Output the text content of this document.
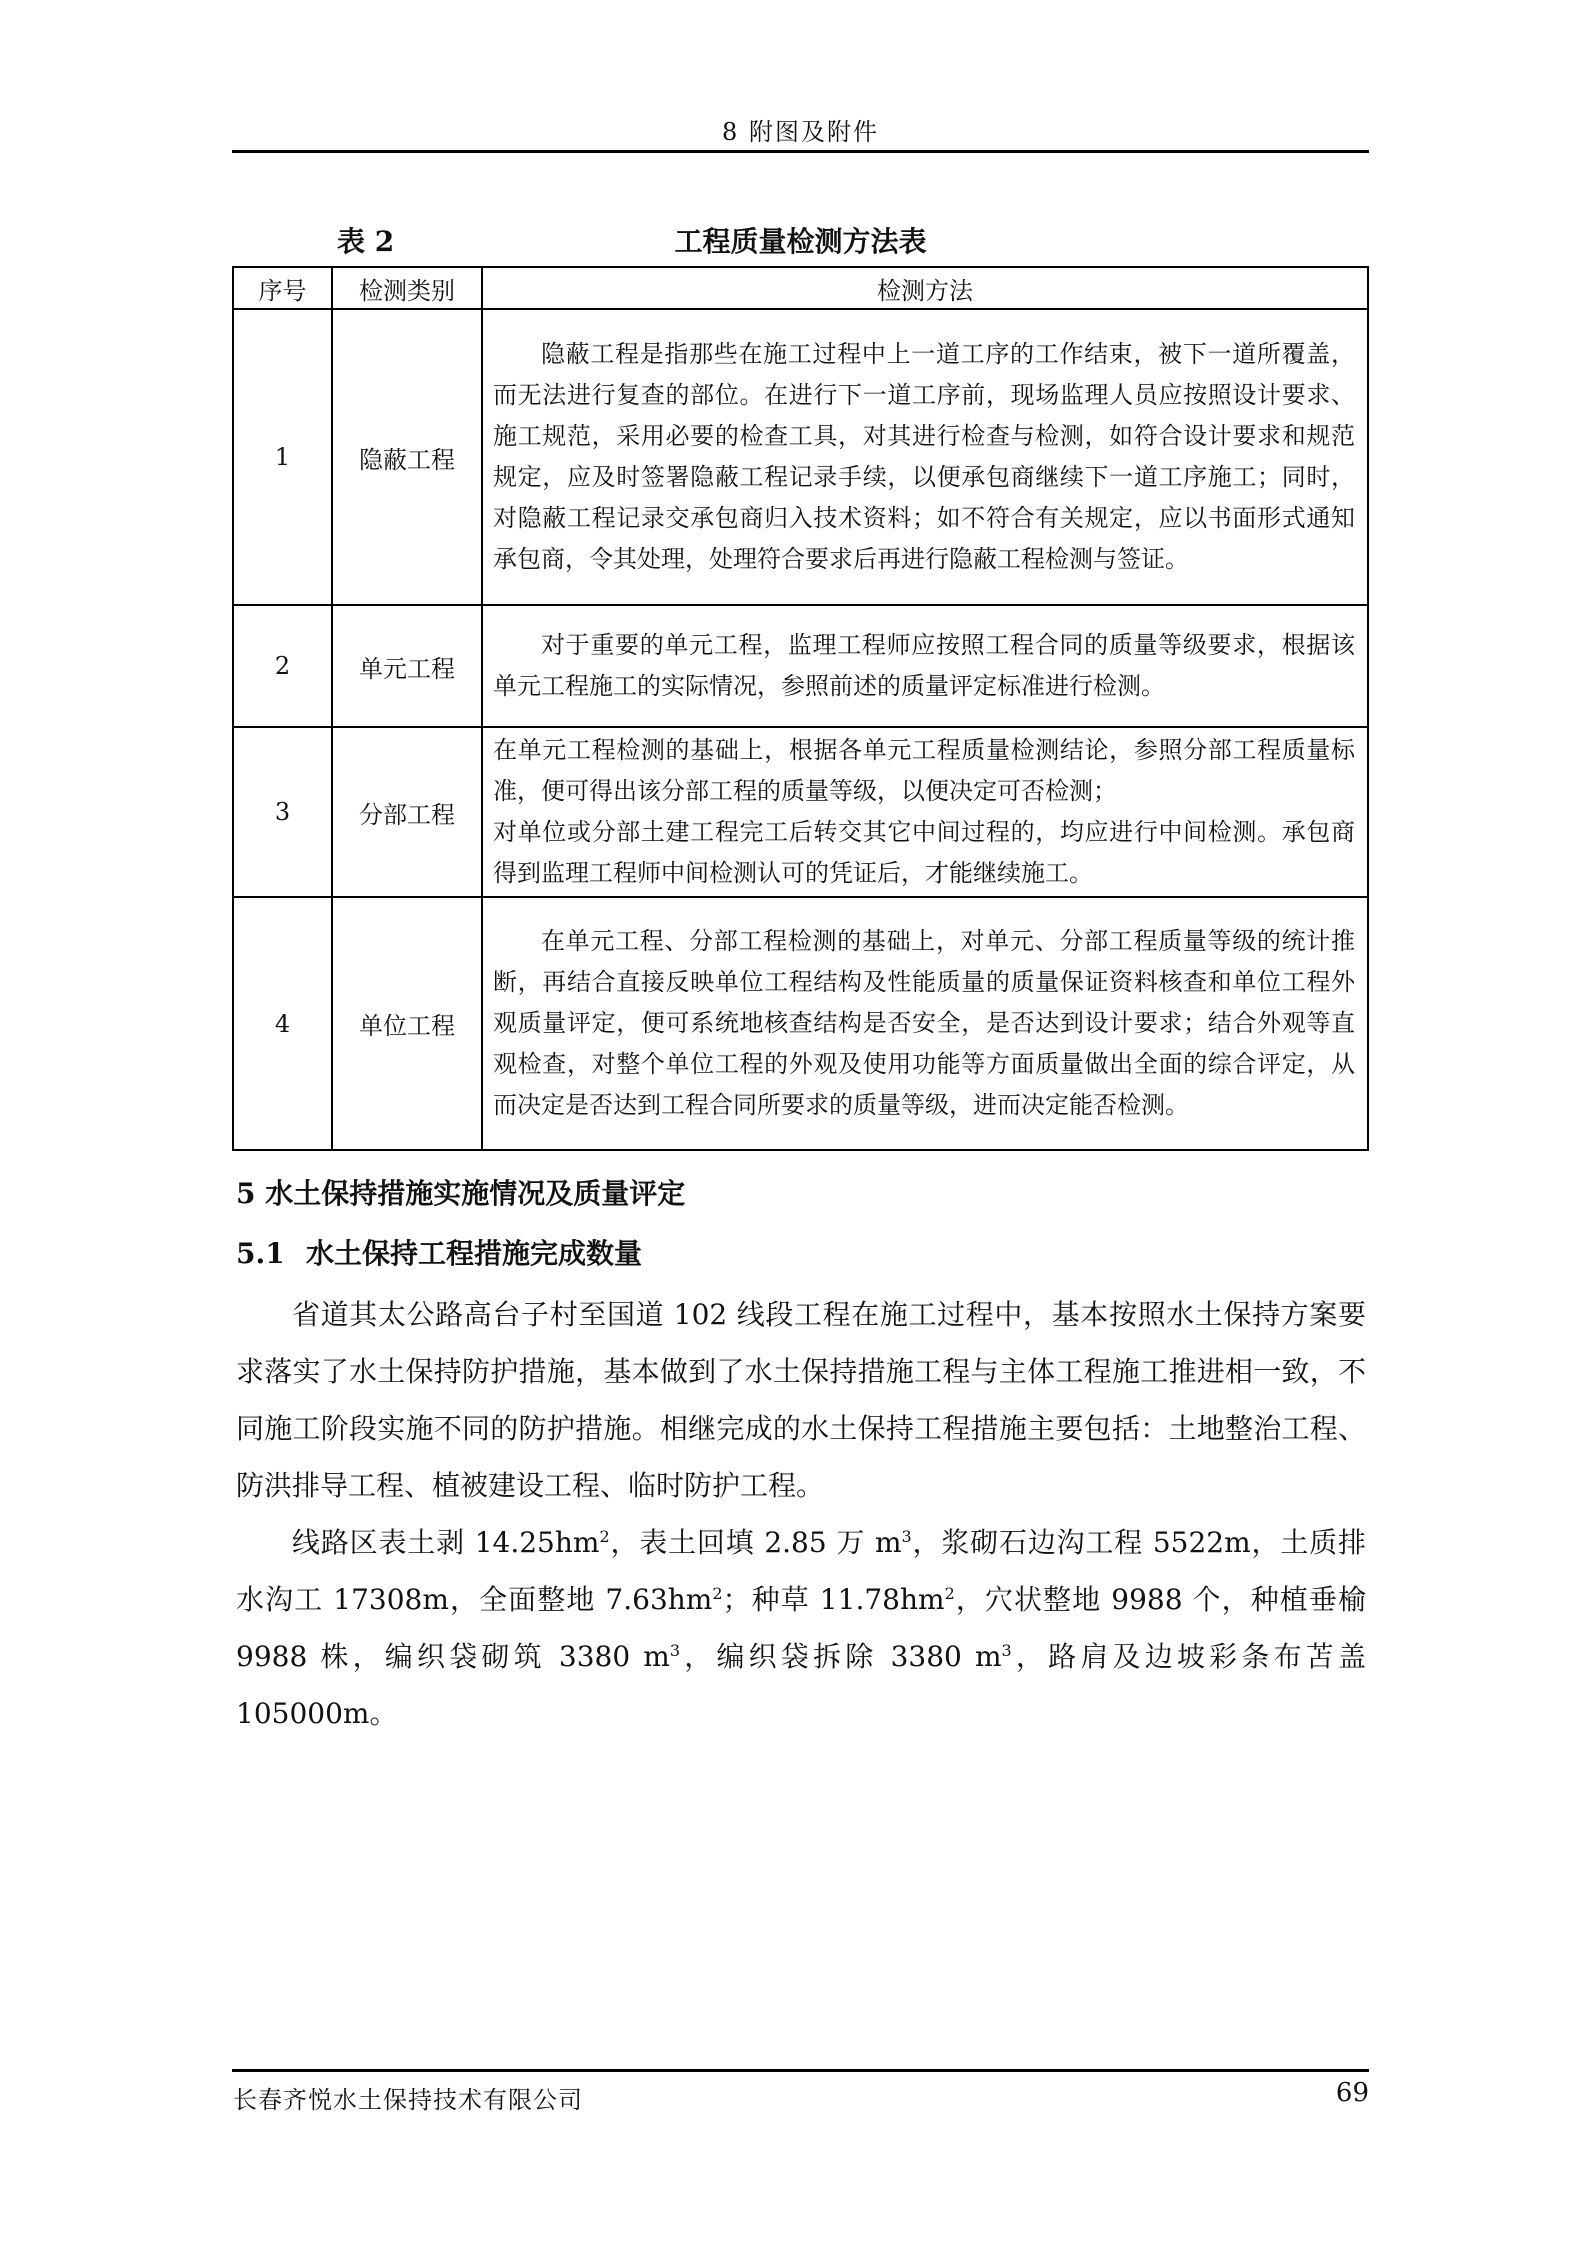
8 附图及附件
表 2	工程质量检测方法表
序号	检测类别	检测方法
1	隐蔽工程	隐蔽工程是指那些在施工过程中上一道工序的工作结束，被下一道所覆盖，而无法进行复查的部位。在进行下一道工序前，现场监理人员应按照设计要求、施工规范，采用必要的检查工具，对其进行检查与检测，如符合设计要求和规范规定，应及时签署隐蔽工程记录手续，以便承包商继续下一道工序施工；同时，对隐蔽工程记录交承包商归入技术资料；如不符合有关规定，应以书面形式通知承包商，令其处理，处理符合要求后再进行隐蔽工程检测与签证。
2	单元工程	对于重要的单元工程，监理工程师应按照工程合同的质量等级要求，根据该单元工程施工的实际情况，参照前述的质量评定标准进行检测。
3	分部工程	在单元工程检测的基础上，根据各单元工程质量检测结论，参照分部工程质量标准，便可得出该分部工程的质量等级，以便决定可否检测；
对单位或分部土建工程完工后转交其它中间过程的，均应进行中间检测。承包商得到监理工程师中间检测认可的凭证后，才能继续施工。

4	单位工程	在单元工程、分部工程检测的基础上，对单元、分部工程质量等级的统计推断，再结合直接反映单位工程结构及性能质量的质量保证资料核查和单位工程外观质量评定，便可系统地核查结构是否安全，是否达到设计要求；结合外观等直观检查，对整个单位工程的外观及使用功能等方面质量做出全面的综合评定，从而决定是否达到工程合同所要求的质量等级，进而决定能否检测。
5 水土保持措施实施情况及质量评定
5.1 水土保持工程措施完成数量
省道其太公路高台子村至国道 102 线段工程在施工过程中，基本按照水土保持方案要求落实了水土保持防护措施，基本做到了水土保持措施工程与主体工程施工推进相一致，不同施工阶段实施不同的防护措施。相继完成的水土保持工程措施主要包括：土地整治工程、防洪排导工程、植被建设工程、临时防护工程。
线路区表土剥 $14.25hm^2$，表土回填 2.85 万 $m^3$，浆砌石边沟工程 5522m，土质排水沟工 17308m，全面整地 $7.63hm^2$；种草 $11.78hm^2$，穴状整地 9988 个，种植垂榆 9988 株，编织袋砌筑 3380 $m^3$，编织袋拆除 3380 $m^3$，路肩及边坡彩条布苫盖 105000m。
长春齐悦水土保持技术有限公司	69
